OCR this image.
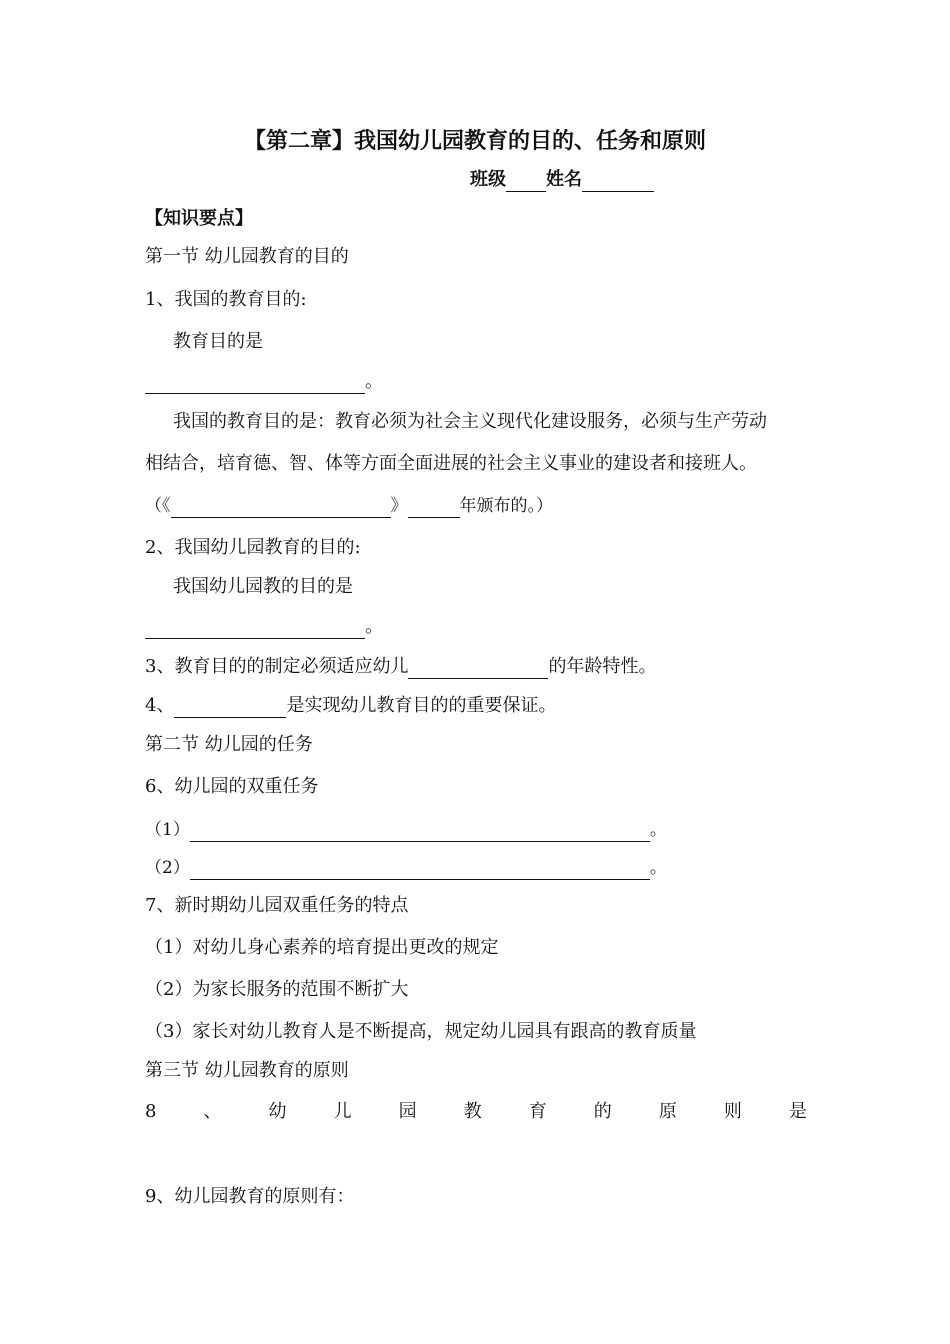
【第二章】我国幼儿园教育的目的、任务和原则
班级 姓名
【知识要点】
第一节 幼儿园教育的目的
1、我国的教育目的:
教育目的是
。
我国的教育目的是：教育必须为社会主义现代化建设服务，必须与生产劳动
相结合，培育德、智、体等方面全面进展的社会主义事业的建设者和接班人。
（《	》	年颁布的。）
2、我国幼儿园教育的目的:
我国幼儿园教的目的是
。
3、教育目的的制定必须适应幼儿	的年龄特性。
4、	是实现幼儿教育目的的重要保证。
第二节 幼儿园的任务
6、幼儿园的双重任务
（1）	。
（2）	。
7、新时期幼儿园双重任务的特点
（1）对幼儿身心素养的培育提出更改的规定
（2）为家长服务的范围不断扩大
（3）家长对幼儿教育人是不断提高，规定幼儿园具有跟高的教育质量
第三节 幼儿园教育的原则
8	、	幼	儿	园	教	育	的	原	则	是
9、幼儿园教育的原则有：
